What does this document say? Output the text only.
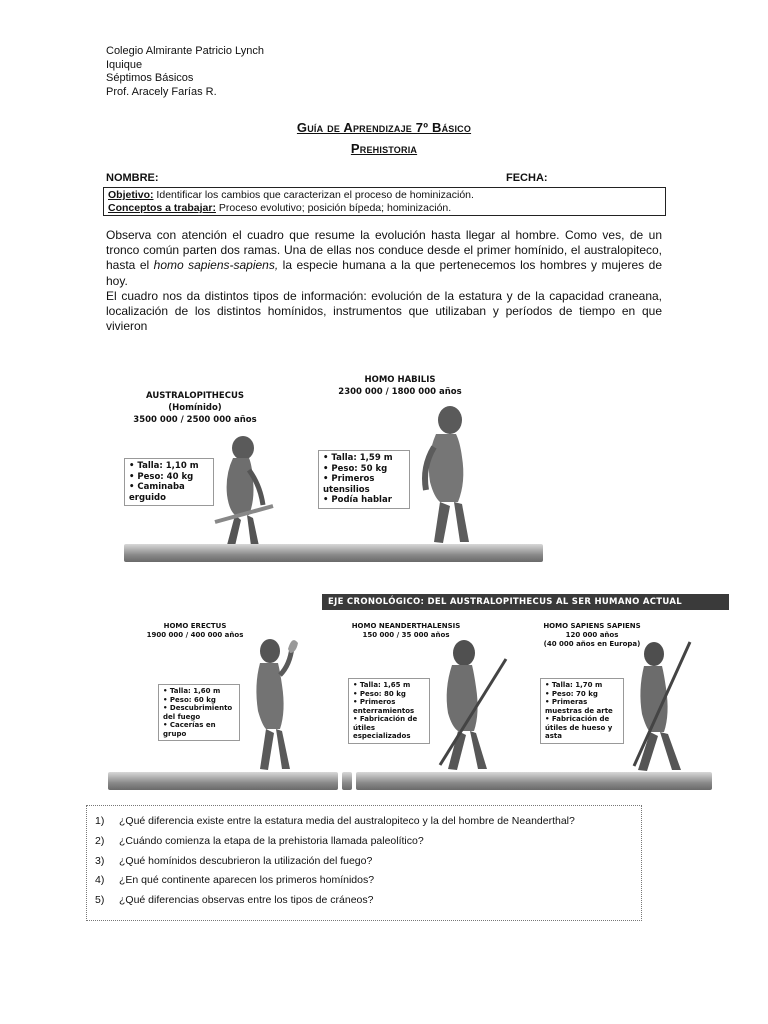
Colegio Almirante Patricio Lynch
Iquique
Séptimos Básicos
Prof. Aracely Farías R.
Guía de Aprendizaje 7º Básico
Prehistoria
NOMBRE:	FECHA:
Objetivo: Identificar los cambios que caracterizan el proceso de hominización.
Conceptos a trabajar: Proceso evolutivo; posición bípeda; hominización.

Observa con atención el cuadro que resume la evolución hasta llegar al hombre. Como ves, de un tronco común parten dos ramas. Una de ellas nos conduce desde el primer homínido, el australopiteco, hasta el homo sapiens-sapiens, la especie humana a la que pertenecemos los hombres y mujeres de hoy.

El cuadro nos da distintos tipos de información: evolución de la estatura y de la capacidad craneana, localización de los distintos homínidos, instrumentos que utilizaban y períodos de tiempo en que vivieron

AUSTRALOPITHECUS
(Homínido)
3500 000 / 2500 000 años
• Talla: 1,10 m
• Peso: 40 kg
• Caminaba erguido
HOMO HABILIS
2300 000 / 1800 000 años
• Talla: 1,59 m
• Peso: 50 kg
• Primeros utensilios
• Podía hablar
EJE CRONOLÓGICO: DEL AUSTRALOPITHECUS AL SER HUMANO ACTUAL
HOMO ERECTUS
1900 000 / 400 000 años
• Talla: 1,60 m
• Peso: 60 kg
• Descubrimiento del fuego
• Cacerías en grupo
HOMO NEANDERTHALENSIS
150 000 / 35 000 años
• Talla: 1,65 m
• Peso: 80 kg
• Primeros enterramientos
• Fabricación de útiles especializados
HOMO SAPIENS SAPIENS
120 000 años
(40 000 años en Europa)
• Talla: 1,70 m
• Peso: 70 kg
• Primeras muestras de arte
• Fabricación de útiles de hueso y asta
1)	¿Qué diferencia existe entre la estatura media del australopiteco y la del hombre de Neanderthal?
2)	¿Cuándo comienza la etapa de la prehistoria llamada paleolítico?
3)	¿Qué homínidos descubrieron la utilización del fuego?
4)	¿En qué continente aparecen los primeros homínidos?
5)	¿Qué diferencias observas entre los tipos de cráneos?
